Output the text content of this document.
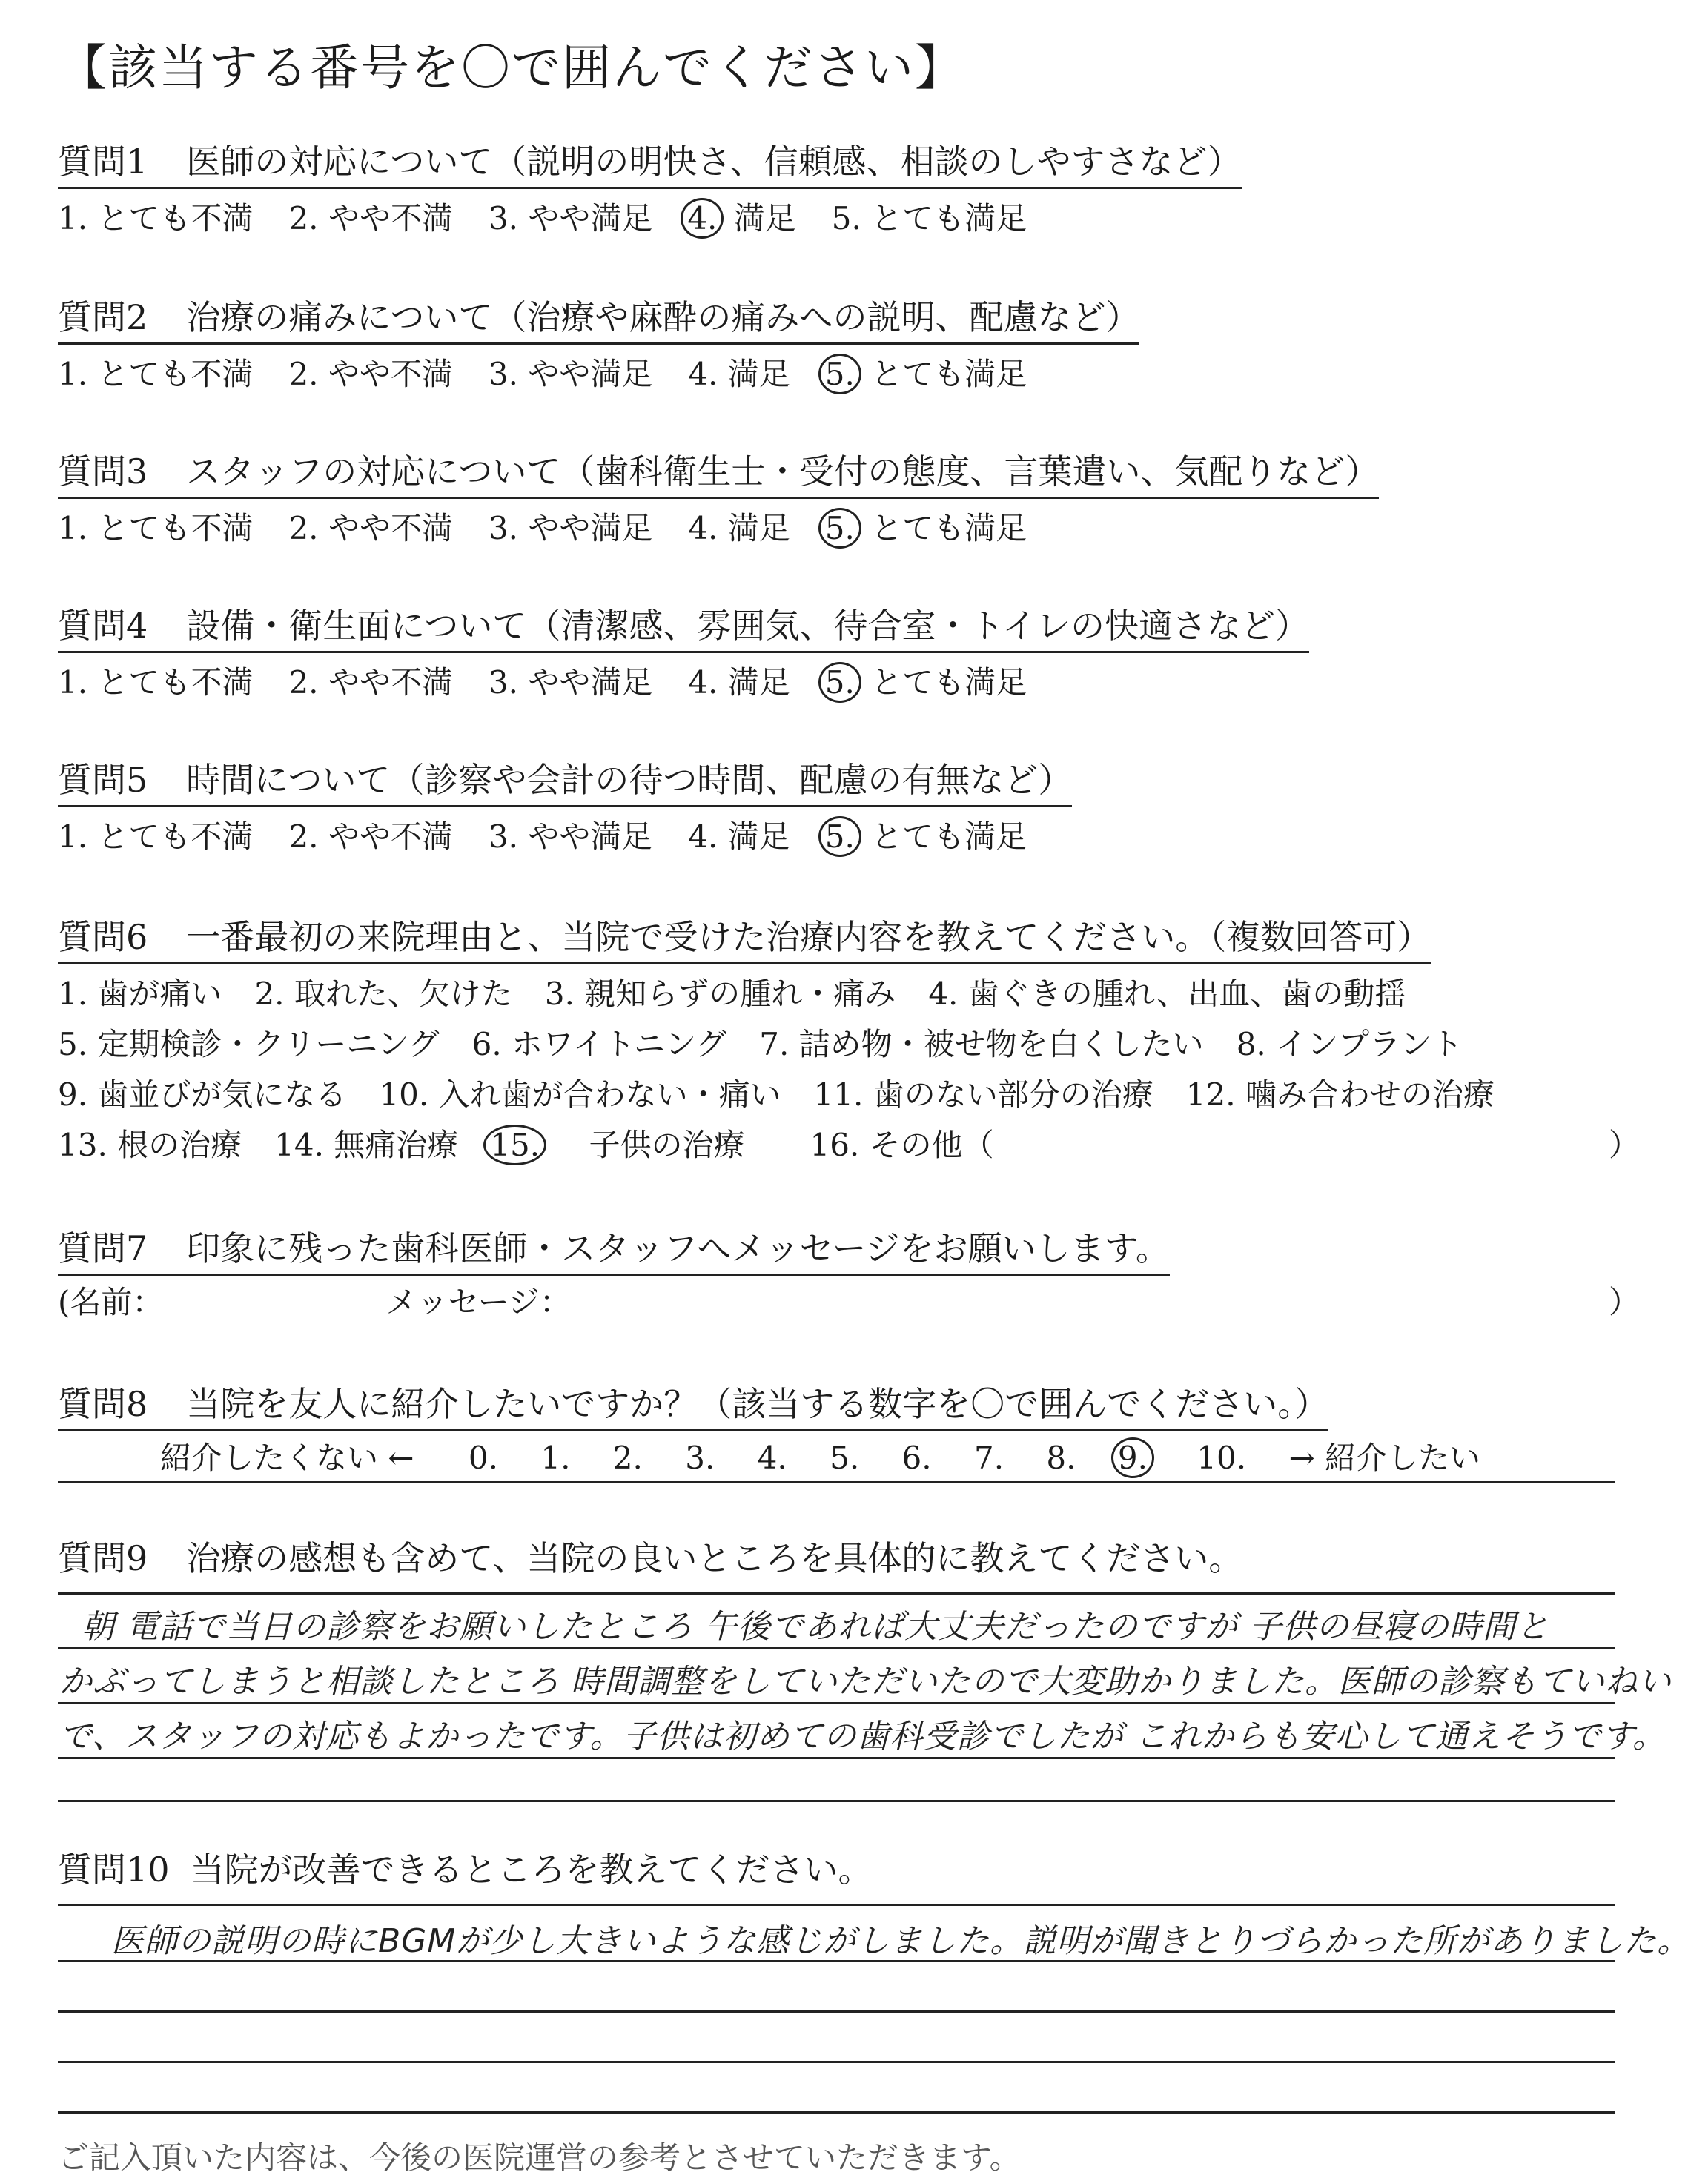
【該当する番号を〇で囲んでください】
質問1 医師の対応について（説明の明快さ、信頼感、相談のしやすさなど）
1. とても不満 2. やや不満 3. やや満足 4. 満足 5. とても満足
質問2 治療の痛みについて（治療や麻酔の痛みへの説明、配慮など）
1. とても不満 2. やや不満 3. やや満足 4. 満足 5. とても満足
質問3 スタッフの対応について（歯科衛生士・受付の態度、言葉遣い、気配りなど）
1. とても不満 2. やや不満 3. やや満足 4. 満足 5. とても満足
質問4 設備・衛生面について（清潔感、雰囲気、待合室・トイレの快適さなど）
1. とても不満 2. やや不満 3. やや満足 4. 満足 5. とても満足
質問5 時間について（診察や会計の待つ時間、配慮の有無など）
1. とても不満 2. やや不満 3. やや満足 4. 満足 5. とても満足
質問6 一番最初の来院理由と、当院で受けた治療内容を教えてください。（複数回答可）
1. 歯が痛い 2. 取れた、欠けた 3. 親知らずの腫れ・痛み 4. 歯ぐきの腫れ、出血、歯の動揺
5. 定期検診・クリーニング 6. ホワイトニング 7. 詰め物・被せ物を白くしたい 8. インプラント
9. 歯並びが気になる 10. 入れ歯が合わない・痛い 11. 歯のない部分の治療 12. 噛み合わせの治療
13. 根の治療 14. 無痛治療 15. 子供の治療 16. その他（	）
質問7 印象に残った歯科医師・スタッフへメッセージをお願いします。
(名前：	メッセージ：	）
質問8 当院を友人に紹介したいですか？（該当する数字を〇で囲んでください。）
紹介したくない ← 0. 1. 2. 3. 4. 5. 6. 7. 8. 9. 10. → 紹介したい
質問9 治療の感想も含めて、当院の良いところを具体的に教えてください。
朝 電話で当日の診察をお願いしたところ 午後であれば大丈夫だったのですが 子供の昼寝の時間と
かぶってしまうと相談したところ 時間調整をしていただいたので大変助かりました。医師の診察もていねい
で、スタッフの対応もよかったです。子供は初めての歯科受診でしたが これからも安心して通えそうです。
質問10 当院が改善できるところを教えてください。
医師の説明の時にBGMが少し大きいような感じがしました。説明が聞きとりづらかった所がありました。
ご記入頂いた内容は、今後の医院運営の参考とさせていただきます。
